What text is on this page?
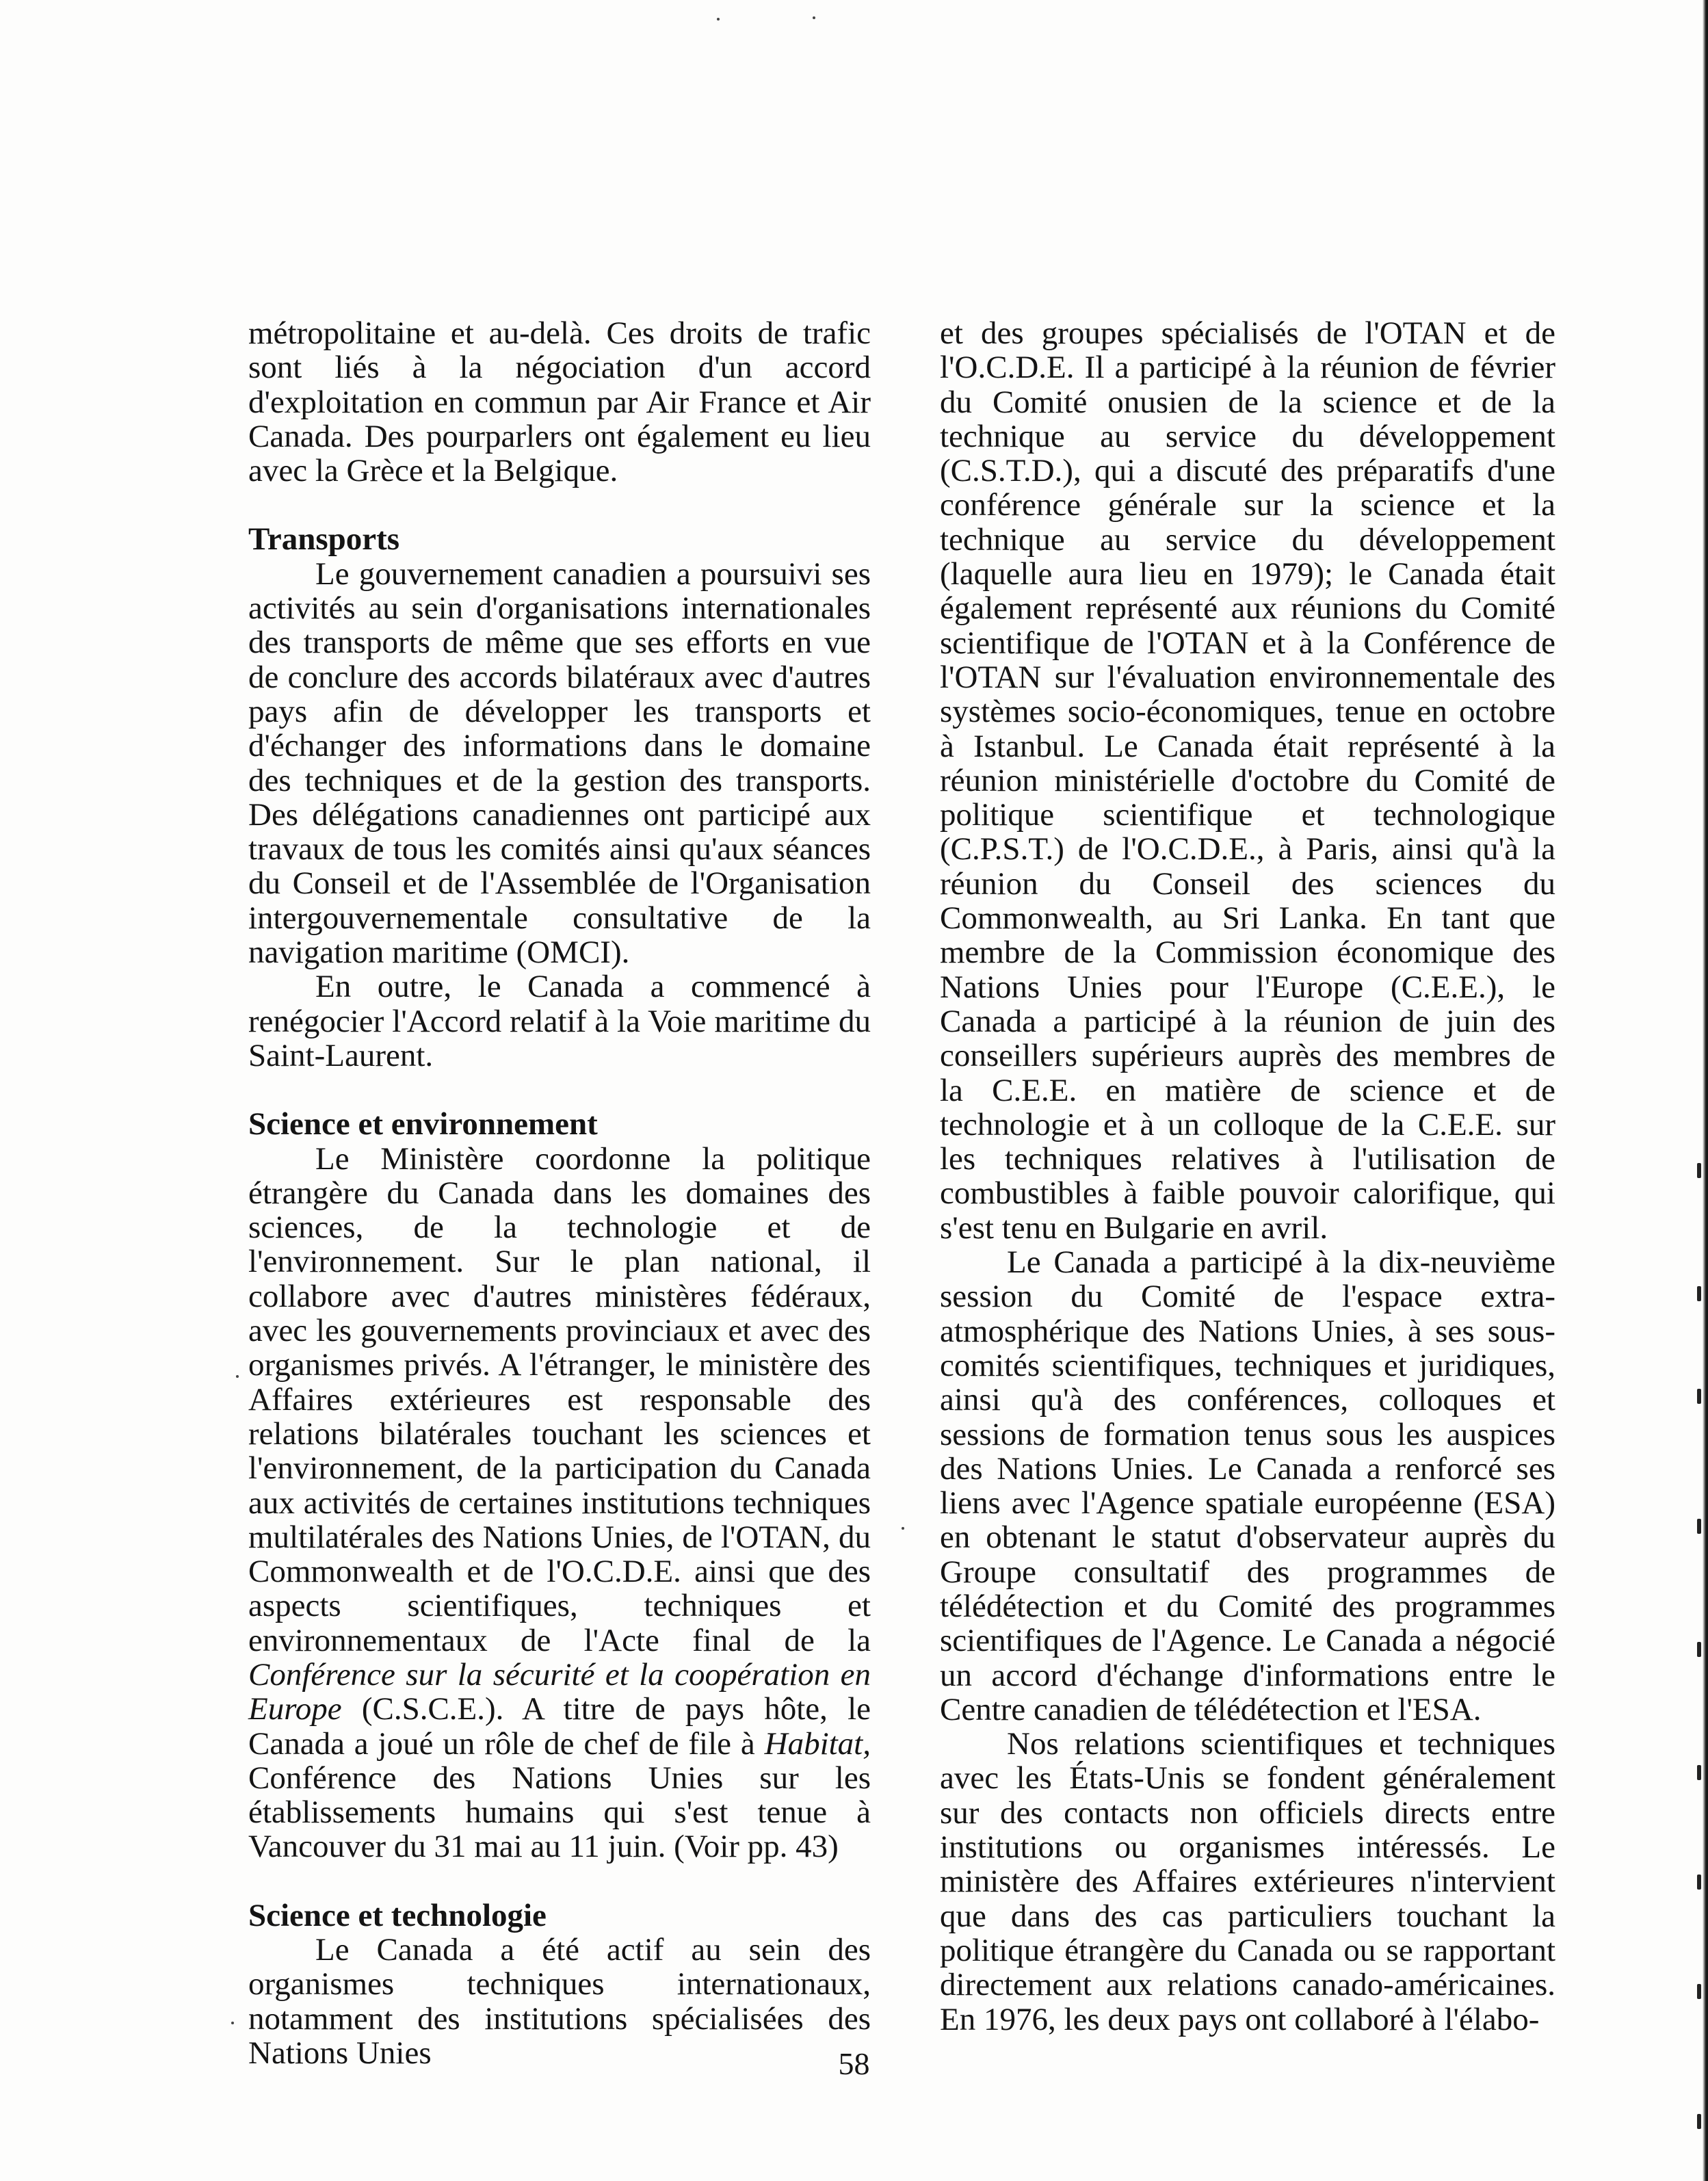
métropolitaine et au-delà. Ces droits de trafic sont liés à la négociation d'un accord d'exploitation en commun par Air France et Air Canada. Des pourparlers ont également eu lieu avec la Grèce et la Belgique.

Transports

Le gouvernement canadien a poursuivi ses activités au sein d'organisations internationales des transports de même que ses efforts en vue de conclure des accords bilatéraux avec d'autres pays afin de développer les transports et d'échanger des informations dans le domaine des techniques et de la gestion des transports. Des délégations canadiennes ont participé aux travaux de tous les comités ainsi qu'aux séances du Conseil et de l'Assemblée de l'Organisation intergouvernementale consultative de la navigation maritime (OMCI).

En outre, le Canada a commencé à renégocier l'Accord relatif à la Voie maritime du Saint-Laurent.

Science et environnement

Le Ministère coordonne la politique étrangère du Canada dans les domaines des sciences, de la technologie et de l'environnement. Sur le plan national, il collabore avec d'autres ministères fédéraux, avec les gouvernements provinciaux et avec des organismes privés. A l'étranger, le ministère des Affaires extérieures est responsable des relations bilatérales touchant les sciences et l'environnement, de la participation du Canada aux activités de certaines institutions techniques multilatérales des Nations Unies, de l'OTAN, du Commonwealth et de l'O.C.D.E. ainsi que des aspects scientifiques, techniques et environnementaux de l'Acte final de la Conférence sur la sécurité et la coopération en Europe (C.S.C.E.). A titre de pays hôte, le Canada a joué un rôle de chef de file à Habitat, Conférence des Nations Unies sur les établissements humains qui s'est tenue à Vancouver du 31 mai au 11 juin. (Voir pp. 43)

Science et technologie

Le Canada a été actif au sein des organismes techniques internationaux, notamment des institutions spécialisées des Nations Unies

et des groupes spécialisés de l'OTAN et de l'O.C.D.E. Il a participé à la réunion de février du Comité onusien de la science et de la technique au service du développement (C.S.T.D.), qui a discuté des préparatifs d'une conférence générale sur la science et la technique au service du développement (laquelle aura lieu en 1979); le Canada était également représenté aux réunions du Comité scientifique de l'OTAN et à la Conférence de l'OTAN sur l'évaluation environnementale des systèmes socio-économiques, tenue en octobre à Istanbul. Le Canada était représenté à la réunion ministérielle d'octobre du Comité de politique scientifique et technologique (C.P.S.T.) de l'O.C.D.E., à Paris, ainsi qu'à la réunion du Conseil des sciences du Commonwealth, au Sri Lanka. En tant que membre de la Commission économique des Nations Unies pour l'Europe (C.E.E.), le Canada a participé à la réunion de juin des conseillers supérieurs auprès des membres de la C.E.E. en matière de science et de technologie et à un colloque de la C.E.E. sur les techniques relatives à l'utilisation de combustibles à faible pouvoir calorifique, qui s'est tenu en Bulgarie en avril.

Le Canada a participé à la dix-neuvième session du Comité de l'espace extra-atmosphérique des Nations Unies, à ses sous-comités scientifiques, techniques et juridiques, ainsi qu'à des conférences, colloques et sessions de formation tenus sous les auspices des Nations Unies. Le Canada a renforcé ses liens avec l'Agence spatiale européenne (ESA) en obtenant le statut d'observateur auprès du Groupe consultatif des programmes de télédétection et du Comité des programmes scientifiques de l'Agence. Le Canada a négocié un accord d'échange d'informations entre le Centre canadien de télédétection et l'ESA.

Nos relations scientifiques et techniques avec les États-Unis se fondent généralement sur des contacts non officiels directs entre institutions ou organismes intéressés. Le ministère des Affaires extérieures n'intervient que dans des cas particuliers touchant la politique étrangère du Canada ou se rapportant directement aux relations canado-américaines. En 1976, les deux pays ont collaboré à l'élabo-

58
